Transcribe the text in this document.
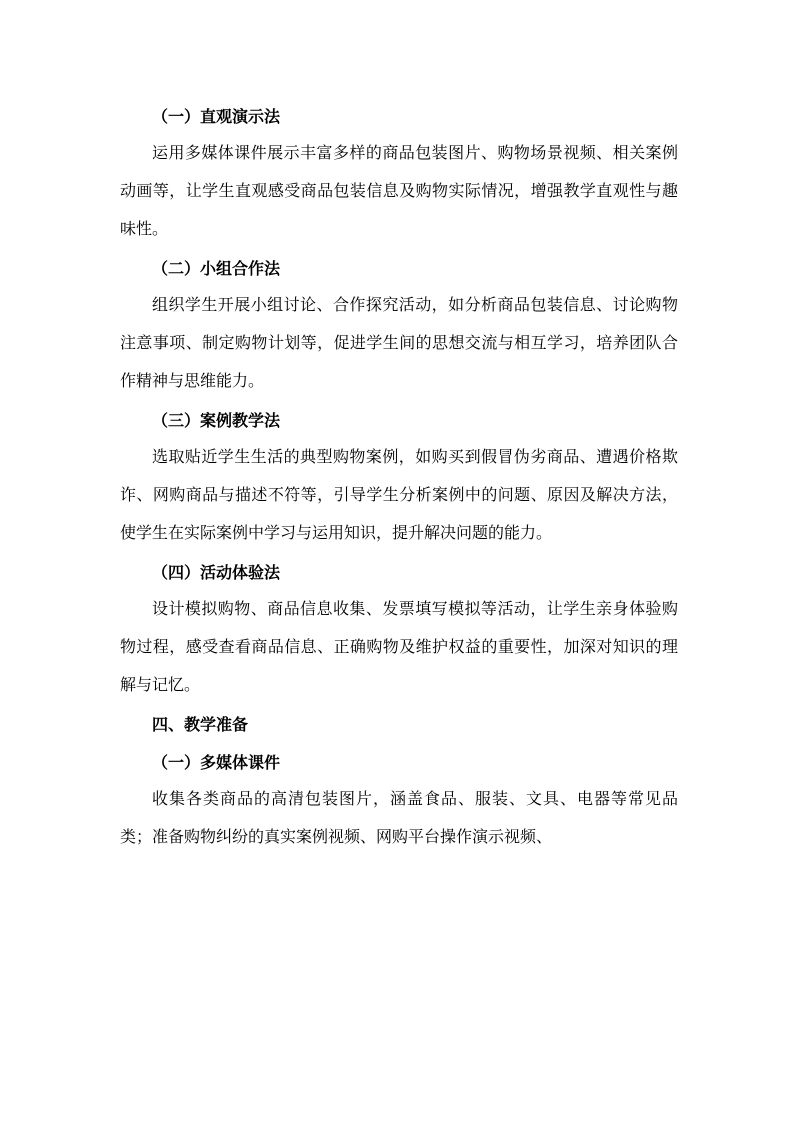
（一）直观演示法

运用多媒体课件展示丰富多样的商品包装图片、购物场景视频、相关案例动画等，让学生直观感受商品包装信息及购物实际情况，增强教学直观性与趣味性。

（二）小组合作法

组织学生开展小组讨论、合作探究活动，如分析商品包装信息、讨论购物注意事项、制定购物计划等，促进学生间的思想交流与相互学习，培养团队合作精神与思维能力。

（三）案例教学法

选取贴近学生生活的典型购物案例，如购买到假冒伪劣商品、遭遇价格欺诈、网购商品与描述不符等，引导学生分析案例中的问题、原因及解决方法，使学生在实际案例中学习与运用知识，提升解决问题的能力。

（四）活动体验法

设计模拟购物、商品信息收集、发票填写模拟等活动，让学生亲身体验购物过程，感受查看商品信息、正确购物及维护权益的重要性，加深对知识的理解与记忆。

四、教学准备
（一）多媒体课件

收集各类商品的高清包装图片，涵盖食品、服装、文具、电器等常见品类；准备购物纠纷的真实案例视频、网购平台操作演示视频、
